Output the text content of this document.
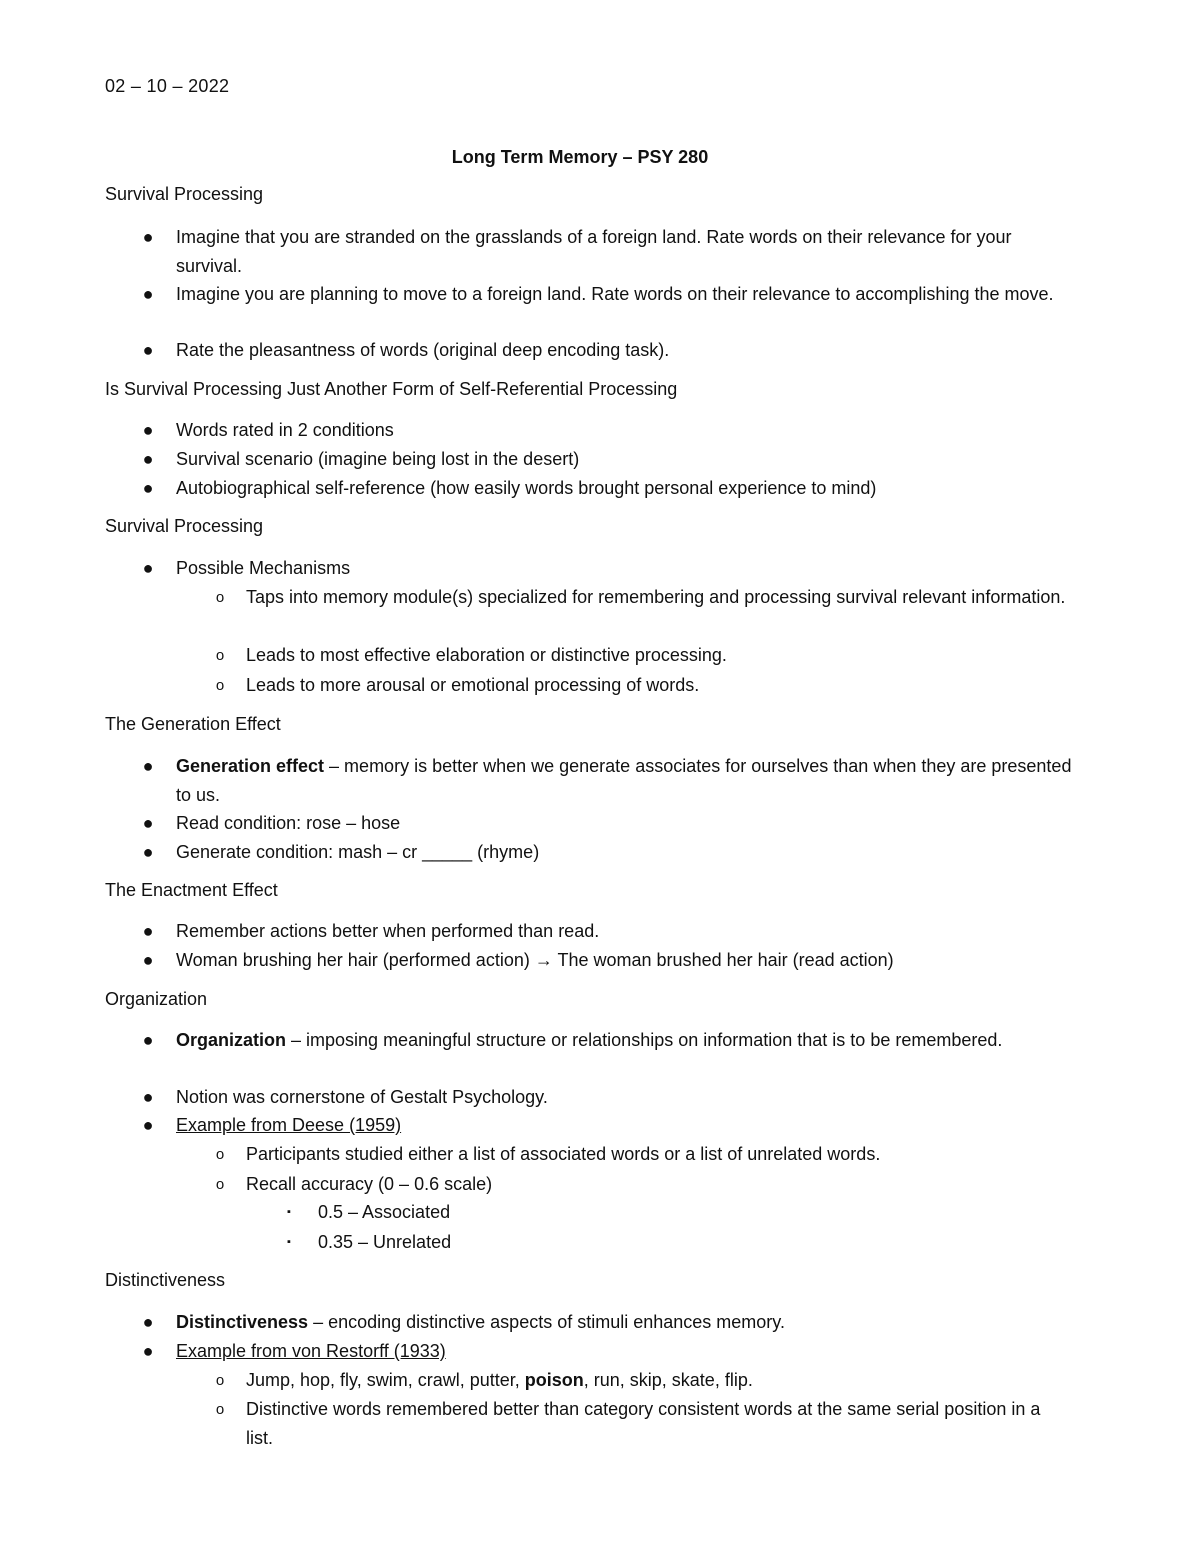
02 – 10 – 2022
Long Term Memory – PSY 280
Survival Processing
● Imagine that you are stranded on the grasslands of a foreign land. Rate words on their relevance for your survival.
● Imagine you are planning to move to a foreign land. Rate words on their relevance to accomplishing the move.
● Rate the pleasantness of words (original deep encoding task).
Is Survival Processing Just Another Form of Self-Referential Processing
● Words rated in 2 conditions
● Survival scenario (imagine being lost in the desert)
● Autobiographical self-reference (how easily words brought personal experience to mind)
Survival Processing
● Possible Mechanisms
o Taps into memory module(s) specialized for remembering and processing survival relevant information.
o Leads to most effective elaboration or distinctive processing.
o Leads to more arousal or emotional processing of words.
The Generation Effect
● Generation effect – memory is better when we generate associates for ourselves than when they are presented to us.
● Read condition: rose – hose
● Generate condition: mash – cr _____ (rhyme)
The Enactment Effect
● Remember actions better when performed than read.
● Woman brushing her hair (performed action) → The woman brushed her hair (read action)
Organization
● Organization – imposing meaningful structure or relationships on information that is to be remembered.
● Notion was cornerstone of Gestalt Psychology.
● Example from Deese (1959)
o Participants studied either a list of associated words or a list of unrelated words.
o Recall accuracy (0 – 0.6 scale)
▪	0.5 – Associated
▪	0.35 – Unrelated
Distinctiveness
● Distinctiveness – encoding distinctive aspects of stimuli enhances memory.
● Example from von Restorff (1933)
o Jump, hop, fly, swim, crawl, putter, poison, run, skip, skate, flip.
o Distinctive words remembered better than category consistent words at the same serial position in a list.
